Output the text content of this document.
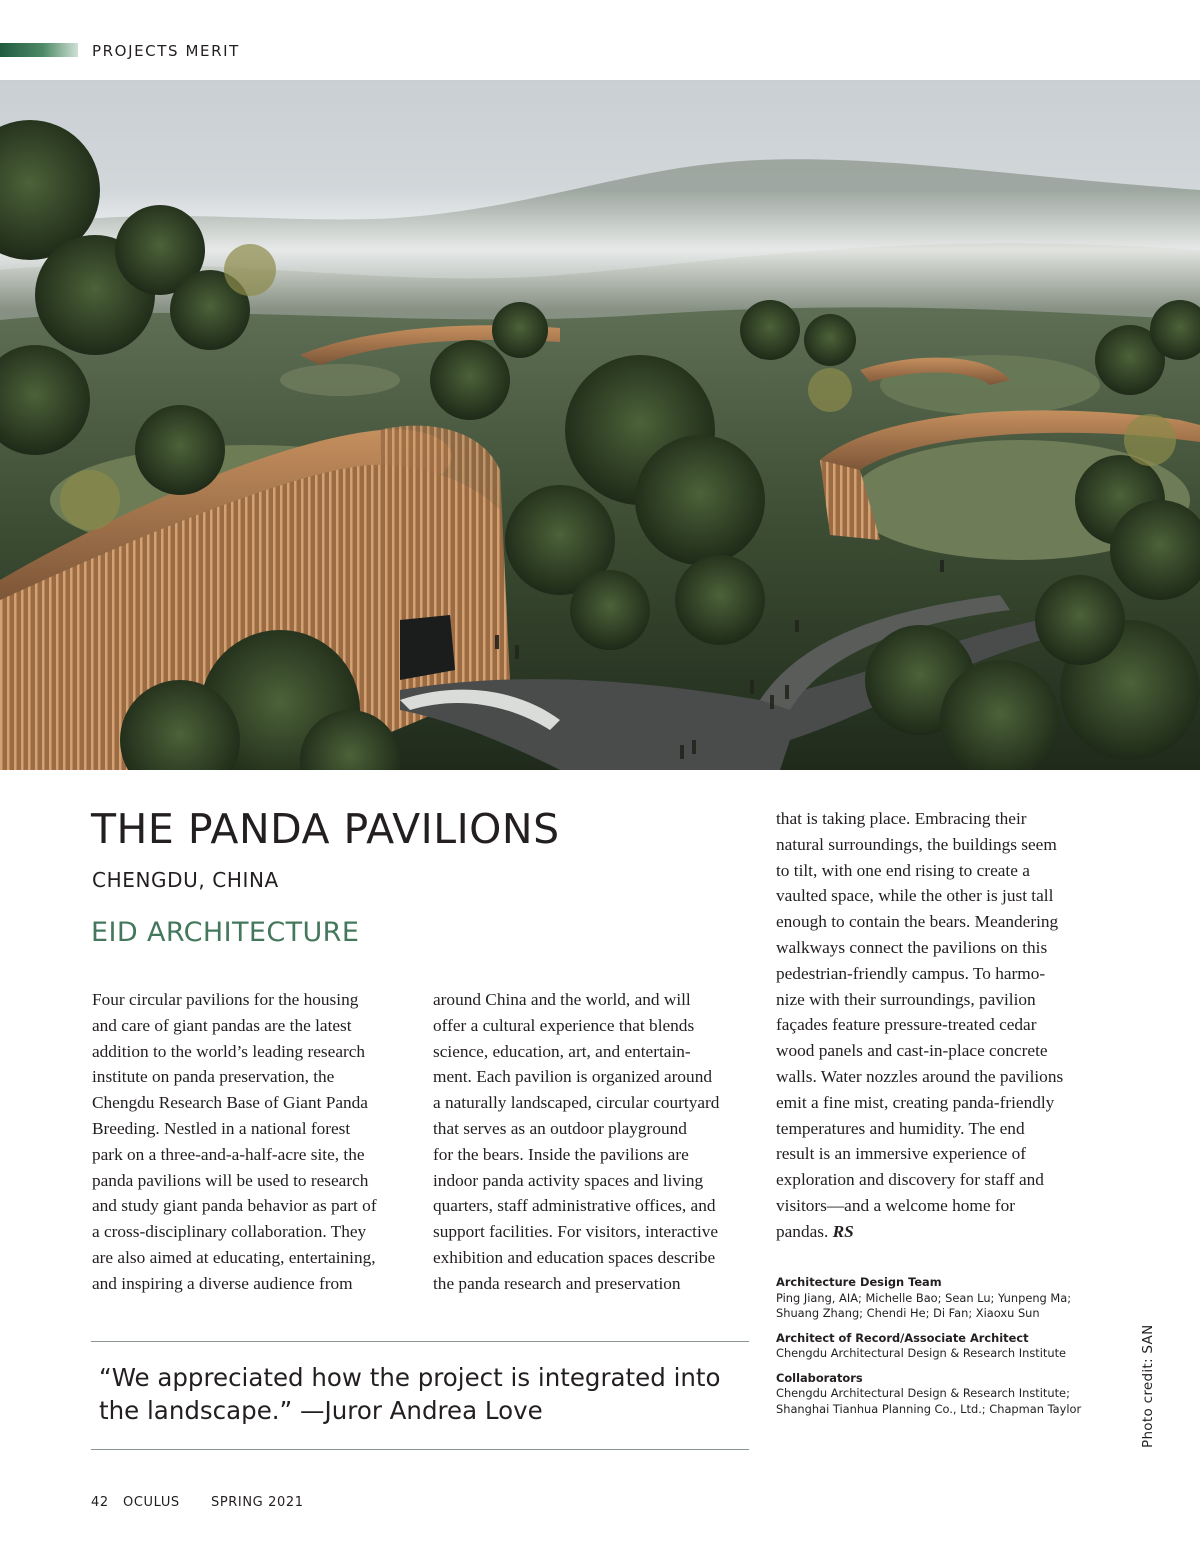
PROJECTS MERIT
THE PANDA PAVILIONS
CHENGDU, CHINA
EID ARCHITECTURE
Four circular pavilions for the housing
and care of giant pandas are the latest
addition to the world’s leading research
institute on panda preservation, the
Chengdu Research Base of Giant Panda
Breeding. Nestled in a national forest
park on a three-and-a-half-acre site, the
panda pavilions will be used to research
and study giant panda behavior as part of
a cross-disciplinary collaboration. They
are also aimed at educating, entertaining,
and inspiring a diverse audience from
around China and the world, and will
offer a cultural experience that blends
science, education, art, and entertain-
ment. Each pavilion is organized around
a naturally landscaped, circular courtyard
that serves as an outdoor playground
for the bears. Inside the pavilions are
indoor panda activity spaces and living
quarters, staff administrative offices, and
support facilities. For visitors, interactive
exhibition and education spaces describe
the panda research and preservation
that is taking place. Embracing their
natural surroundings, the buildings seem
to tilt, with one end rising to create a
vaulted space, while the other is just tall
enough to contain the bears. Meandering
walkways connect the pavilions on this
pedestrian-friendly campus. To harmo-
nize with their surroundings, pavilion
façades feature pressure-treated cedar
wood panels and cast-in-place concrete
walls. Water nozzles around the pavilions
emit a fine mist, creating panda-friendly
temperatures and humidity. The end
result is an immersive experience of
exploration and discovery for staff and
visitors—and a welcome home for
pandas. RS

“We appreciated how the project is integrated into the landscape.” —Juror Andrea Love

Architecture Design Team
Ping Jiang, AIA; Michelle Bao; Sean Lu; Yunpeng Ma; Shuang Zhang; Chendi He; Di Fan; Xiaoxu Sun
Architect of Record/Associate Architect
Chengdu Architectural Design & Research Institute
Collaborators
Chengdu Architectural Design & Research Institute; Shanghai Tianhua Planning Co., Ltd.; Chapman Taylor	Photo credit: SAN
42 OCULUS SPRING 2021
